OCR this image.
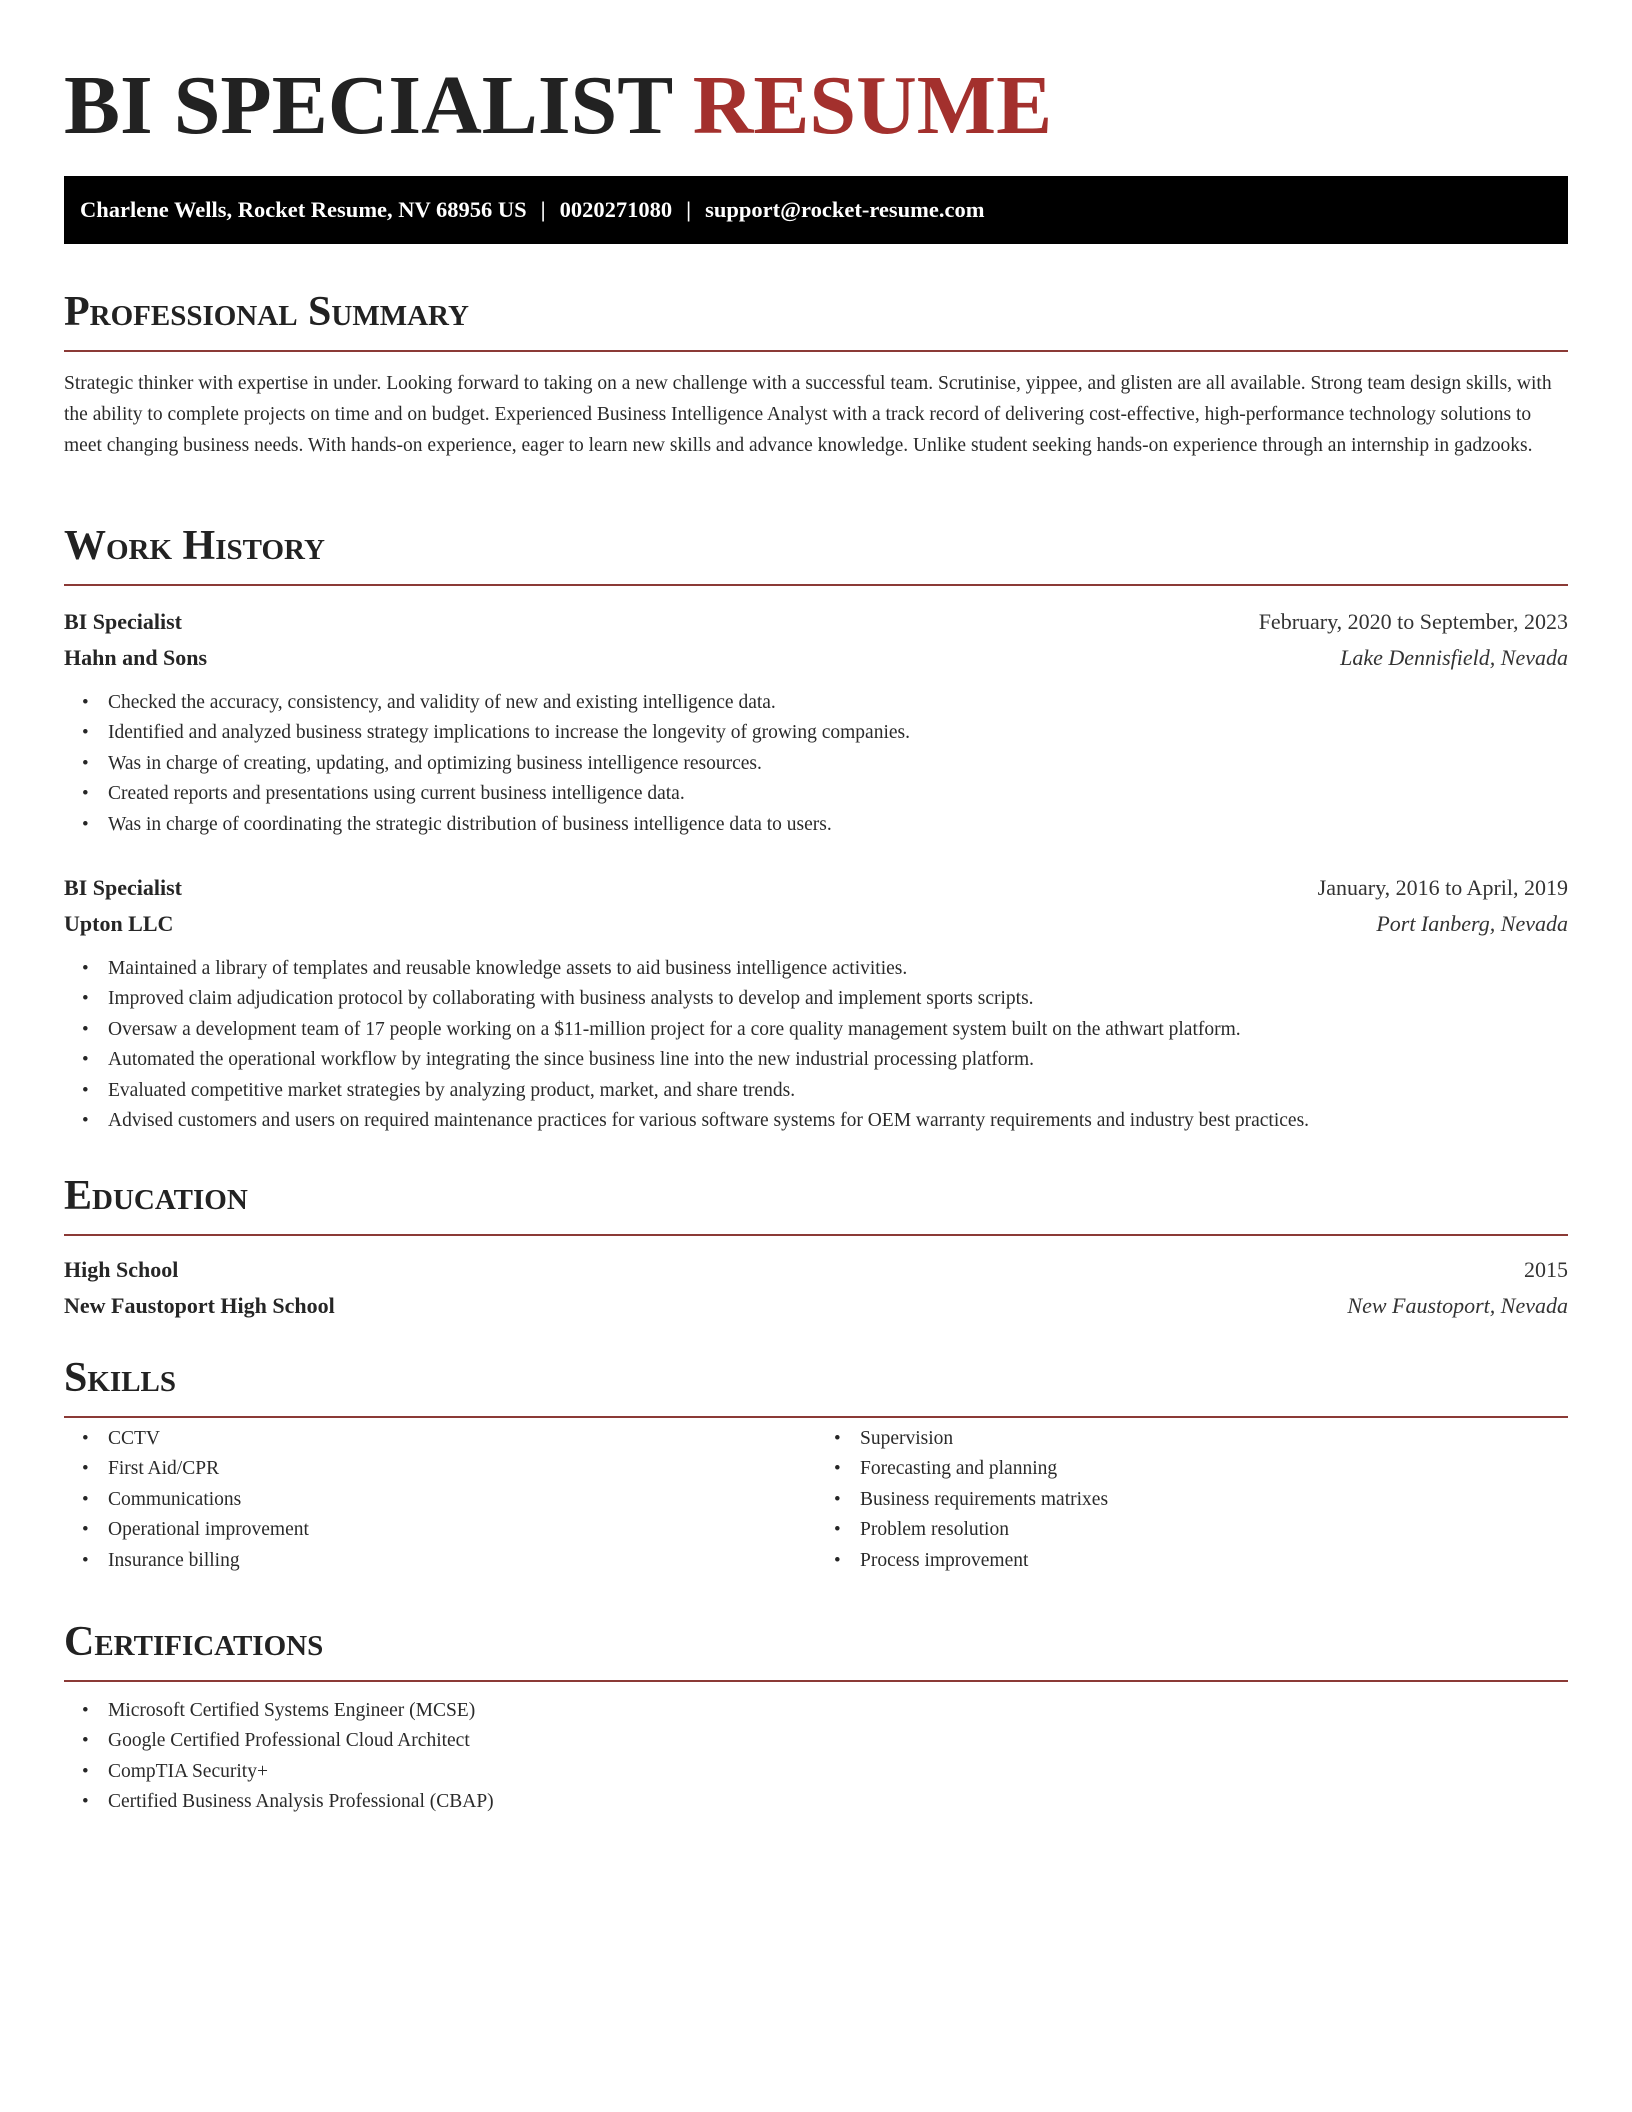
BI SPECIALIST RESUME
Charlene Wells, Rocket Resume, NV 68956 US | 0020271080 | support@rocket-resume.com
Professional Summary

Strategic thinker with expertise in under. Looking forward to taking on a new challenge with a successful team. Scrutinise, yippee, and glisten are all available. Strong team design skills, with the ability to complete projects on time and on budget. Experienced Business Intelligence Analyst with a track record of delivering cost-effective, high-performance technology solutions to meet changing business needs. With hands-on experience, eager to learn new skills and advance knowledge. Unlike student seeking hands-on experience through an internship in gadzooks.

Work History
BI Specialist	February, 2020 to September, 2023
Hahn and Sons	Lake Dennisfield, Nevada
• Checked the accuracy, consistency, and validity of new and existing intelligence data.
• Identified and analyzed business strategy implications to increase the longevity of growing companies.
• Was in charge of creating, updating, and optimizing business intelligence resources.
• Created reports and presentations using current business intelligence data.
• Was in charge of coordinating the strategic distribution of business intelligence data to users.
BI Specialist	January, 2016 to April, 2019
Upton LLC	Port Ianberg, Nevada
• Maintained a library of templates and reusable knowledge assets to aid business intelligence activities.
• Improved claim adjudication protocol by collaborating with business analysts to develop and implement sports scripts.
• Oversaw a development team of 17 people working on a $11-million project for a core quality management system built on the athwart platform.
• Automated the operational workflow by integrating the since business line into the new industrial processing platform.
• Evaluated competitive market strategies by analyzing product, market, and share trends.
• Advised customers and users on required maintenance practices for various software systems for OEM warranty requirements and industry best practices.
Education
High School	2015
New Faustoport High School	New Faustoport, Nevada
Skills
• CCTV
• First Aid/CPR
• Communications
• Operational improvement
• Insurance billing
• Supervision
• Forecasting and planning
• Business requirements matrixes
• Problem resolution
• Process improvement
Certifications
• Microsoft Certified Systems Engineer (MCSE)
• Google Certified Professional Cloud Architect
• CompTIA Security+
• Certified Business Analysis Professional (CBAP)
